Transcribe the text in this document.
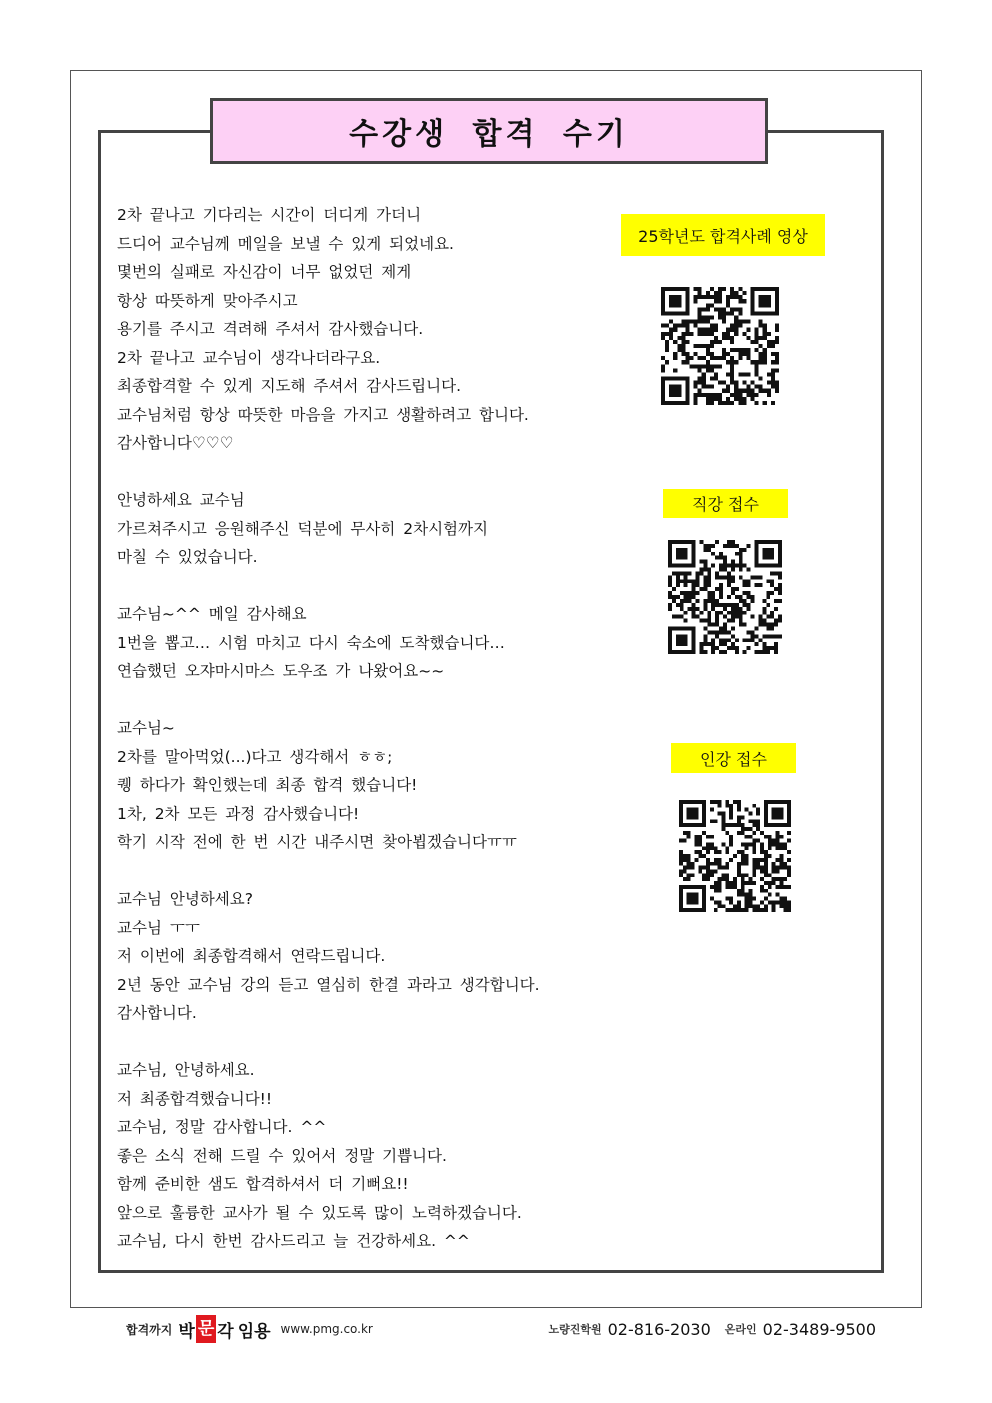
수강생 합격 수기
2차 끝나고 기다리는 시간이 더디게 가더니
드디어 교수님께 메일을 보낼 수 있게 되었네요.
몇번의 실패로 자신감이 너무 없었던 제게
항상 따뜻하게 맞아주시고
용기를 주시고 격려해 주셔서 감사했습니다.
2차 끝나고 교수님이 생각나더라구요.
최종합격할 수 있게 지도해 주셔서 감사드립니다.
교수님처럼 항상 따뜻한 마음을 가지고 생활하려고 합니다.
감사합니다♡♡♡
안녕하세요 교수님
가르쳐주시고 응원해주신 덕분에 무사히 2차시험까지
마칠 수 있었습니다.
교수님~^^ 메일 감사해요
1번을 뽑고… 시험 마치고 다시 숙소에 도착했습니다…
연습했던 오쟈마시마스 도우조 가 나왔어요~~
교수님~
2차를 말아먹었(...)다고 생각해서 ㅎㅎ;
퀭 하다가 확인했는데 최종 합격 했습니다!
1차, 2차 모든 과정 감사했습니다!
학기 시작 전에 한 번 시간 내주시면 찾아뵙겠습니다ㅠㅠ
교수님 안녕하세요?
교수님 ㅜㅜ
저 이번에 최종합격해서 연락드립니다.
2년 동안 교수님 강의 듣고 열심히 한결 과라고 생각합니다.
감사합니다.
교수님, 안녕하세요.
저 최종합격했습니다!!
교수님, 정말 감사합니다. ^^
좋은 소식 전해 드릴 수 있어서 정말 기쁩니다.
함께 준비한 샘도 합격하셔서 더 기뻐요!!
앞으로 훌륭한 교사가 될 수 있도록 많이 노력하겠습니다.
교수님, 다시 한번 감사드리고 늘 건강하세요. ^^
25학년도 합격사례 영상
직강 접수
인강 접수
합격까지 박 문 각 임용 www.pmg.co.kr	노량진학원 02-816-2030 온라인 02-3489-9500
